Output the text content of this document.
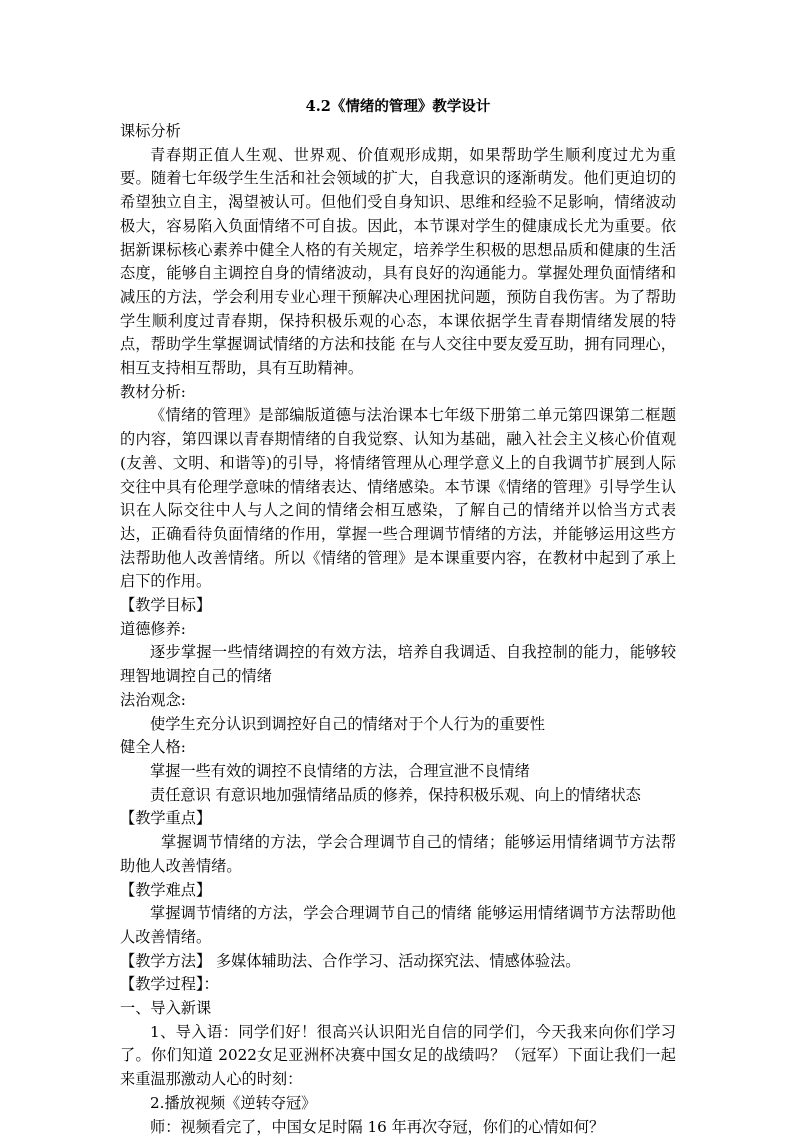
4.2《情绪的管理》教学设计

课标分析

青春期正值人生观、世界观、价值观形成期，如果帮助学生顺利度过尤为重要。随着七年级学生生活和社会领域的扩大，自我意识的逐渐萌发。他们更迫切的希望独立自主，渴望被认可。但他们受自身知识、思维和经验不足影响，情绪波动极大，容易陷入负面情绪不可自拔。因此，本节课对学生的健康成长尤为重要。依据新课标核心素养中健全人格的有关规定，培养学生积极的思想品质和健康的生活态度，能够自主调控自身的情绪波动，具有良好的沟通能力。掌握处理负面情绪和减压的方法，学会利用专业心理干预解决心理困扰问题，预防自我伤害。为了帮助学生顺利度过青春期，保持积极乐观的心态，本课依据学生青春期情绪发展的特点，帮助学生掌握调试情绪的方法和技能 在与人交往中要友爱互助，拥有同理心，相互支持相互帮助，具有互助精神。

教材分析:

《情绪的管理》是部编版道德与法治课本七年级下册第二单元第四课第二框题的内容，第四课以青春期情绪的自我觉察、认知为基础，融入社会主义核心价值观(友善、文明、和谐等)的引导，将情绪管理从心理学意义上的自我调节扩展到人际交往中具有伦理学意味的情绪表达、情绪感染。本节课《情绪的管理》引导学生认识在人际交往中人与人之间的情绪会相互感染，了解自己的情绪并以恰当方式表达，正确看待负面情绪的作用，掌握一些合理调节情绪的方法，并能够运用这些方法帮助他人改善情绪。所以《情绪的管理》是本课重要内容，在教材中起到了承上启下的作用。

【教学目标】

道德修养:

逐步掌握一些情绪调控的有效方法，培养自我调适、自我控制的能力，能够较理智地调控自己的情绪

法治观念:

使学生充分认识到调控好自己的情绪对于个人行为的重要性

健全人格:

掌握一些有效的调控不良情绪的方法，合理宣泄不良情绪

责任意识 有意识地加强情绪品质的修养，保持积极乐观、向上的情绪状态

【教学重点】

掌握调节情绪的方法，学会合理调节自己的情绪；能够运用情绪调节方法帮助他人改善情绪。

【教学难点】

掌握调节情绪的方法，学会合理调节自己的情绪 能够运用情绪调节方法帮助他人改善情绪。

【教学方法】 多媒体辅助法、合作学习、活动探究法、情感体验法。

【教学过程】：

一、导入新课

1、导入语：同学们好！很高兴认识阳光自信的同学们，今天我来向你们学习了。你们知道 2022女足亚洲杯决赛中国女足的战绩吗？（冠军）下面让我们一起来重温那激动人心的时刻：

2.播放视频《逆转夺冠》

师：视频看完了，中国女足时隔 16 年再次夺冠，你们的心情如何？
